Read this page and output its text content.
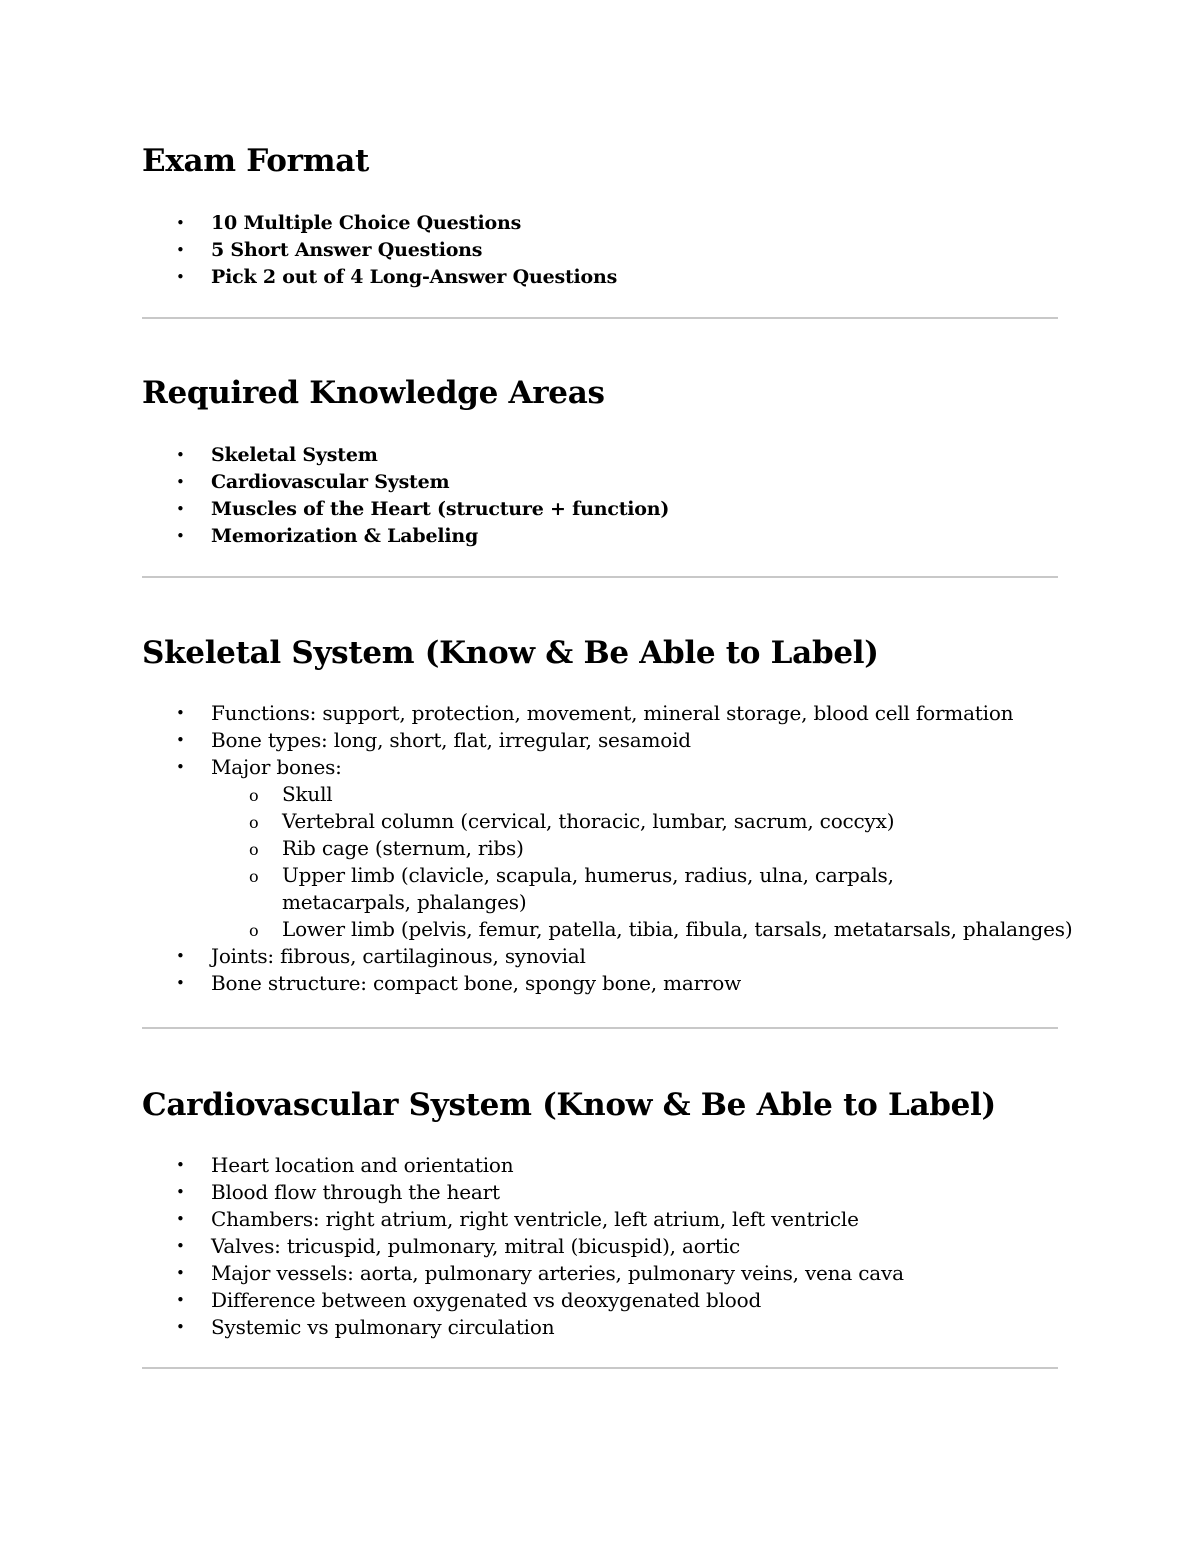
Exam Format
• 10 Multiple Choice Questions
• 5 Short Answer Questions
• Pick 2 out of 4 Long-Answer Questions
Required Knowledge Areas
• Skeletal System
• Cardiovascular System
• Muscles of the Heart (structure + function)
• Memorization & Labeling
Skeletal System (Know & Be Able to Label)
• Functions: support, protection, movement, mineral storage, blood cell formation
• Bone types: long, short, flat, irregular, sesamoid
• Major bones:
o Skull
o Vertebral column (cervical, thoracic, lumbar, sacrum, coccyx)
o Rib cage (sternum, ribs)
o Upper limb (clavicle, scapula, humerus, radius, ulna, carpals, metacarpals, phalanges)
o Lower limb (pelvis, femur, patella, tibia, fibula, tarsals, metatarsals, phalanges)
• Joints: fibrous, cartilaginous, synovial
• Bone structure: compact bone, spongy bone, marrow
Cardiovascular System (Know & Be Able to Label)
• Heart location and orientation
• Blood flow through the heart
• Chambers: right atrium, right ventricle, left atrium, left ventricle
• Valves: tricuspid, pulmonary, mitral (bicuspid), aortic
• Major vessels: aorta, pulmonary arteries, pulmonary veins, vena cava
• Difference between oxygenated vs deoxygenated blood
• Systemic vs pulmonary circulation
